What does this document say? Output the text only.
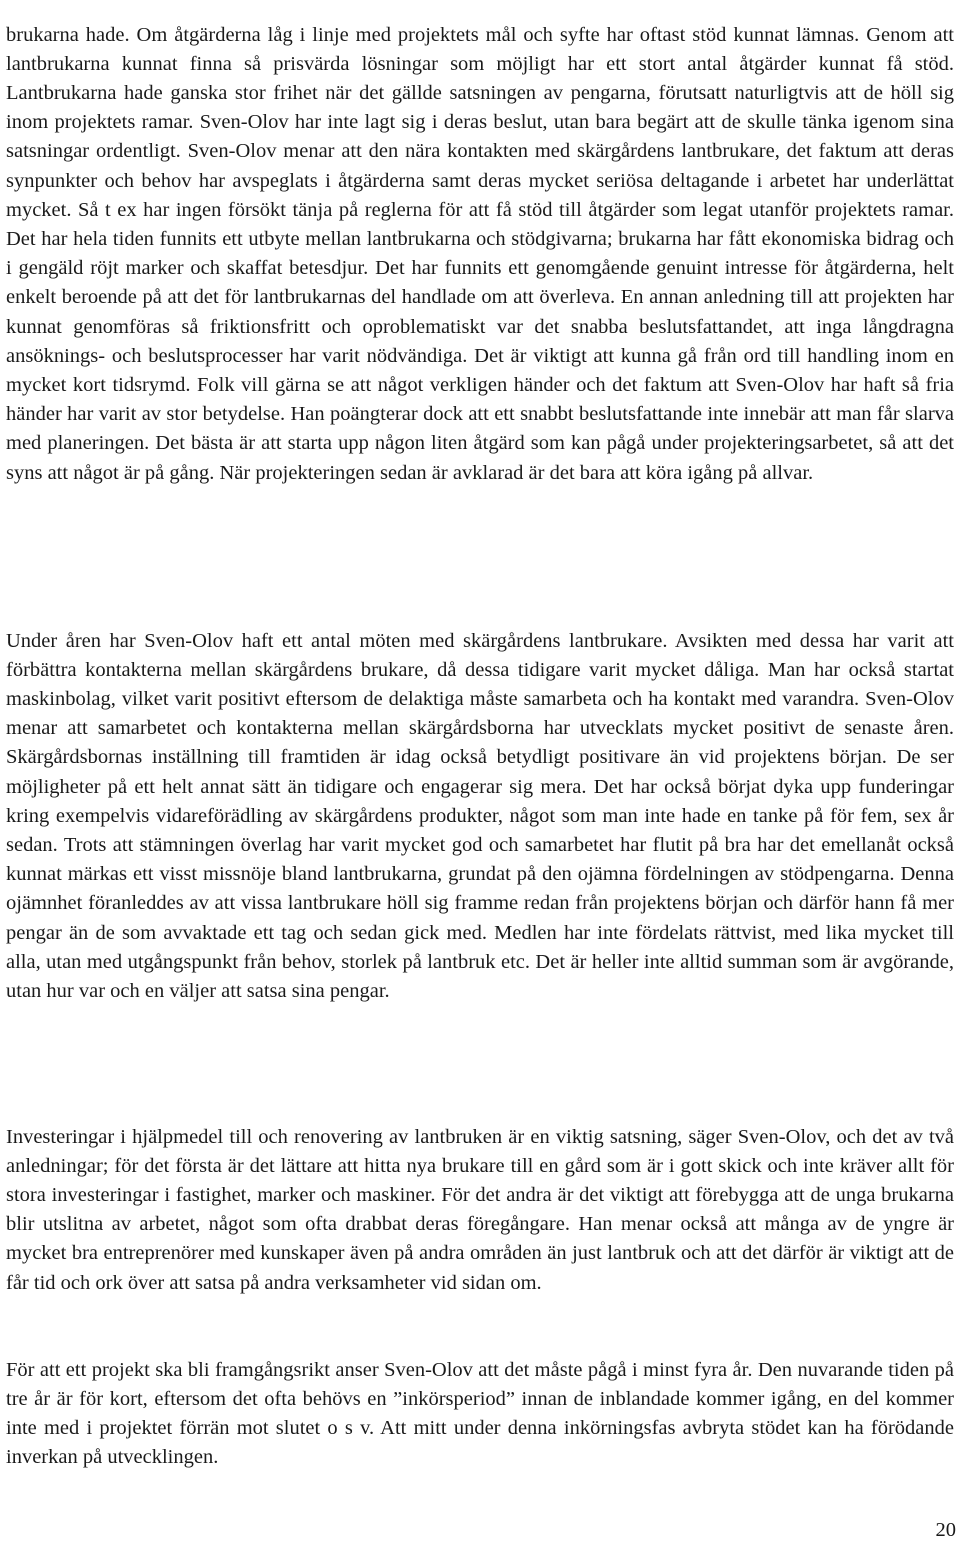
brukarna hade. Om åtgärderna låg i linje med projektets mål och syfte har oftast stöd kunnat lämnas. Genom att lantbrukarna kunnat finna så prisvärda lösningar som möjligt har ett stort antal åtgärder kunnat få stöd. Lantbrukarna hade ganska stor frihet när det gällde satsningen av pengarna, förutsatt naturligtvis att de höll sig inom projektets ramar. Sven-Olov har inte lagt sig i deras beslut, utan bara begärt att de skulle tänka igenom sina satsningar ordentligt. Sven-Olov menar att den nära kontakten med skärgårdens lantbrukare, det faktum att deras synpunkter och behov har avspeglats i åtgärderna samt deras mycket seriösa deltagande i arbetet har underlättat mycket. Så t ex har ingen försökt tänja på reglerna för att få stöd till åtgärder som legat utanför projektets ramar. Det har hela tiden funnits ett utbyte mellan lantbrukarna och stödgivarna; brukarna har fått ekonomiska bidrag och i gengäld röjt marker och skaffat betesdjur. Det har funnits ett genomgående genuint intresse för åtgärderna, helt enkelt beroende på att det för lantbrukarnas del handlade om att överleva. En annan anledning till att projekten har kunnat genomföras så friktionsfritt och oproblematiskt var det snabba beslutsfattandet, att inga långdragna ansöknings- och beslutsprocesser har varit nödvändiga. Det är viktigt att kunna gå från ord till handling inom en mycket kort tidsrymd. Folk vill gärna se att något verkligen händer och det faktum att Sven-Olov har haft så fria händer har varit av stor betydelse. Han poängterar dock att ett snabbt beslutsfattande inte innebär att man får slarva med planeringen. Det bästa är att starta upp någon liten åtgärd som kan pågå under projekteringsarbetet, så att det syns att något är på gång. När projekteringen sedan är avklarad är det bara att köra igång på allvar.

Under åren har Sven-Olov haft ett antal möten med skärgårdens lantbrukare. Avsikten med dessa har varit att förbättra kontakterna mellan skärgårdens brukare, då dessa tidigare varit mycket dåliga. Man har också startat maskinbolag, vilket varit positivt eftersom de delaktiga måste samarbeta och ha kontakt med varandra. Sven-Olov menar att samarbetet och kontakterna mellan skärgårdsborna har utvecklats mycket positivt de senaste åren. Skärgårdsbornas inställning till framtiden är idag också betydligt positivare än vid projektens början. De ser möjligheter på ett helt annat sätt än tidigare och engagerar sig mera. Det har också börjat dyka upp funderingar kring exempelvis vidareförädling av skärgårdens produkter, något som man inte hade en tanke på för fem, sex år sedan. Trots att stämningen överlag har varit mycket god och samarbetet har flutit på bra har det emellanåt också kunnat märkas ett visst missnöje bland lantbrukarna, grundat på den ojämna fördelningen av stödpengarna. Denna ojämnhet föranleddes av att vissa lantbrukare höll sig framme redan från projektens början och därför hann få mer pengar än de som avvaktade ett tag och sedan gick med. Medlen har inte fördelats rättvist, med lika mycket till alla, utan med utgångspunkt från behov, storlek på lantbruk etc. Det är heller inte alltid summan som är avgörande, utan hur var och en väljer att satsa sina pengar.

Investeringar i hjälpmedel till och renovering av lantbruken är en viktig satsning, säger Sven-Olov, och det av två anledningar; för det första är det lättare att hitta nya brukare till en gård som är i gott skick och inte kräver allt för stora investeringar i fastighet, marker och maskiner. För det andra är det viktigt att förebygga att de unga brukarna blir utslitna av arbetet, något som ofta drabbat deras föregångare. Han menar också att många av de yngre är mycket bra entreprenörer med kunskaper även på andra områden än just lantbruk och att det därför är viktigt att de får tid och ork över att satsa på andra verksamheter vid sidan om.

För att ett projekt ska bli framgångsrikt anser Sven-Olov att det måste pågå i minst fyra år. Den nuvarande tiden på tre år är för kort, eftersom det ofta behövs en ”inkörsperiod” innan de inblandade kommer igång, en del kommer inte med i projektet förrän mot slutet o s v. Att mitt under denna inkörningsfas avbryta stödet kan ha förödande inverkan på utvecklingen.

20
